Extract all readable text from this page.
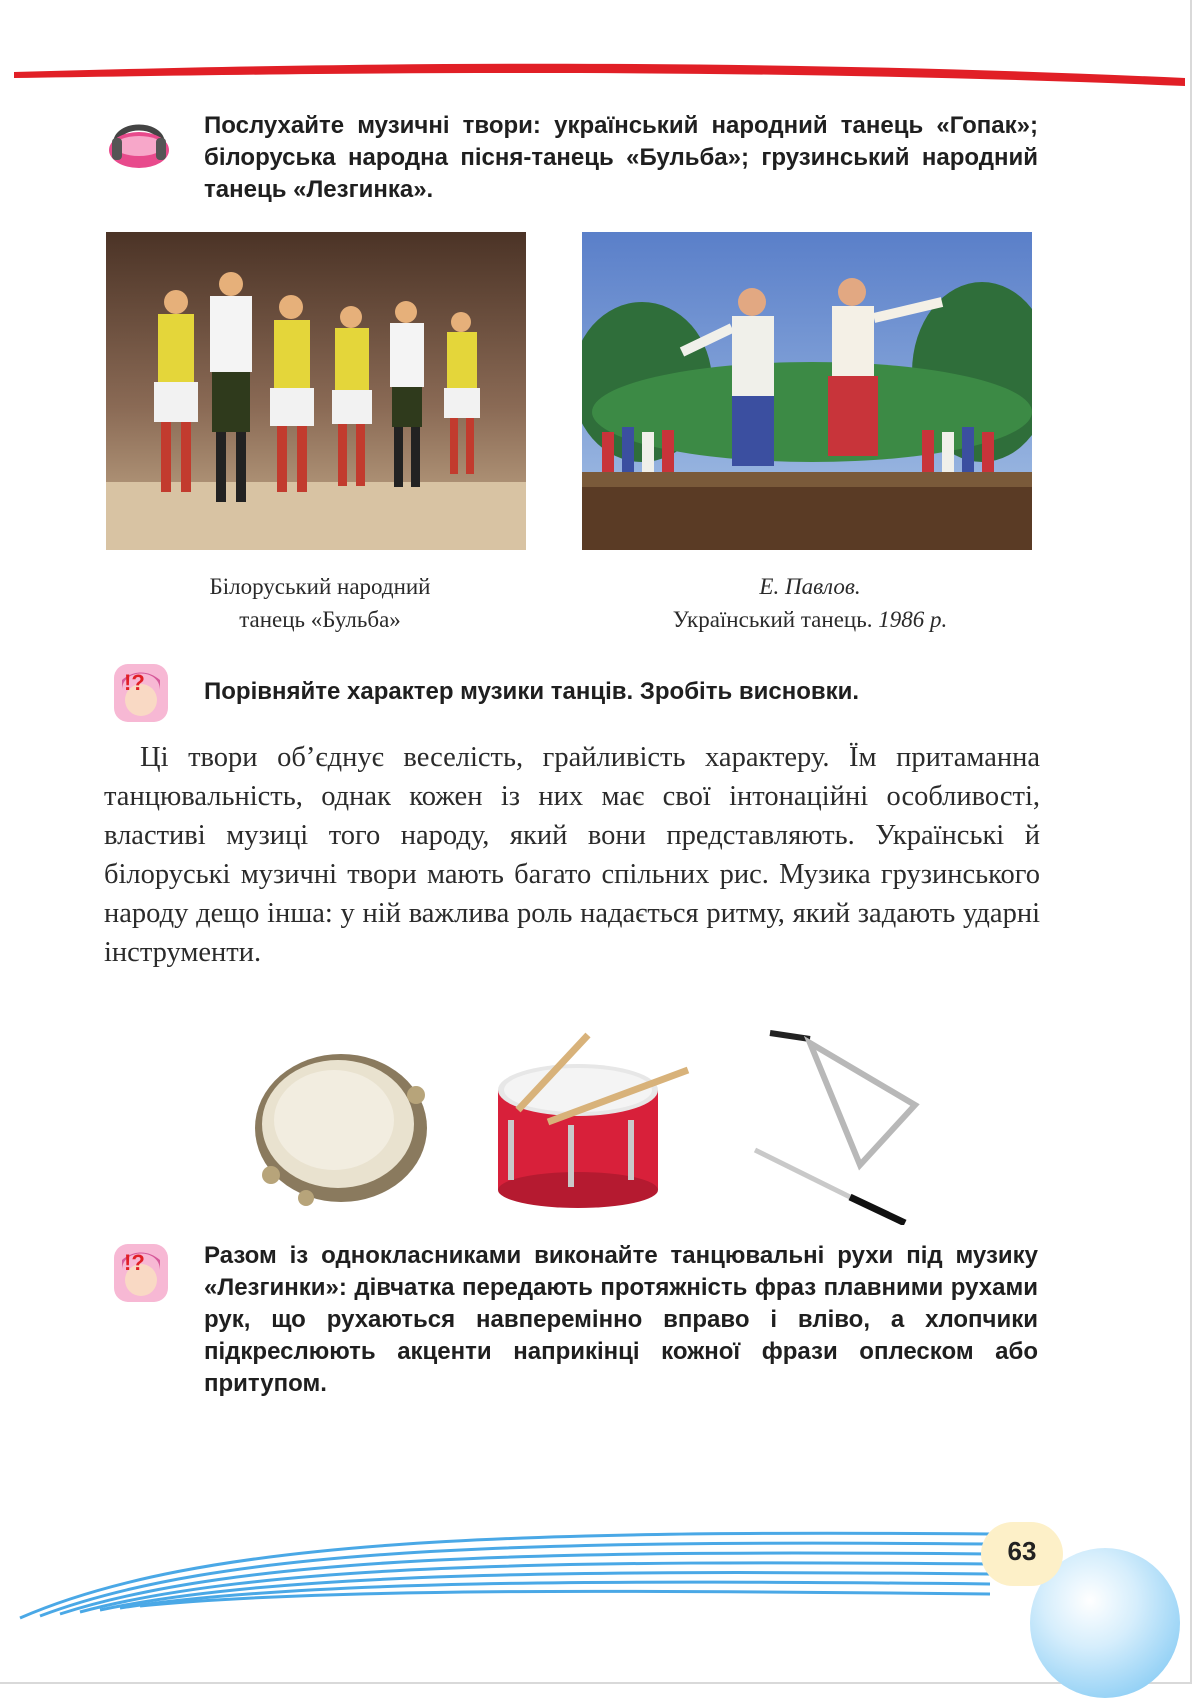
Послухайте музичні твори: український народний танець «Гопак»; білоруська народна пісня-танець «Бульба»; грузинський народний танець «Лезгинка».
Білоруський народний
танець «Бульба»
Е. Павлов.
Український танець. 1986 р.
!? Порівняйте характер музики танців. Зробіть висновки.
Ці твори об’єднує веселість, грайливість характеру. Їм притаманна танцювальність, однак кожен із них має свої інтонаційні особливості, властиві музиці того народу, який вони представляють. Українські й білоруські музичні твори мають багато спільних рис. Музика грузинського народу дещо інша: у ній важлива роль надається ритму, який задають ударні інструменти.
!? Разом із однокласниками виконайте танцювальні рухи під музику «Лезгинки»: дівчатка передають протяжність фраз плавними рухами рук, що рухаються навперемінно вправо і вліво, а хлопчики підкреслюють акценти наприкінці кожної фрази оплеском або притупом.
63
